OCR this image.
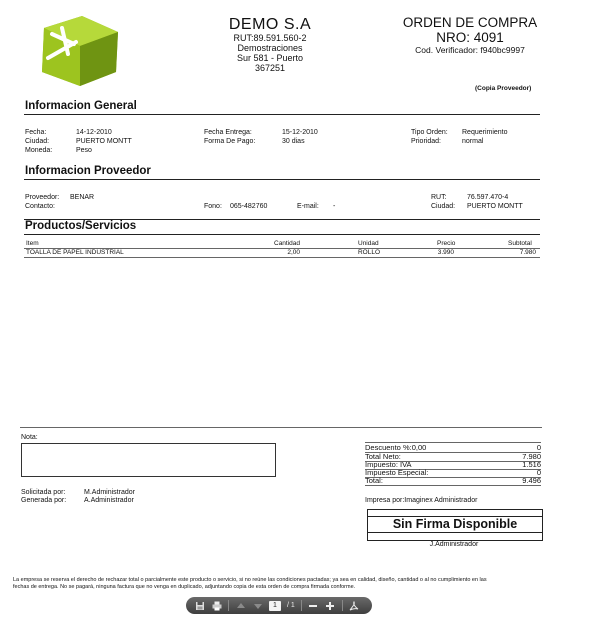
DEMO S.A
RUT:89.591.560-2
Demostraciones
Sur 581 - Puerto
367251
ORDEN DE COMPRA
NRO: 4091
Cod. Verificador: f940bc9997
(Copia Proveedor)
Informacion General
Fecha:	14-12-2010
Ciudad:	PUERTO MONTT
Moneda:	Peso
Fecha Entrega:	15-12-2010
Forma De Pago:	30 dias
Tipo Orden: Requerimiento
Prioridad:	normal
Informacion Proveedor
Proveedor: BENAR
Contacto:	Fono: 065-482760	E-mail: -
RUT:	76.597.470-4
Ciudad: PUERTO MONTT
Productos/Servicios
Item	Cantidad	Unidad	Precio	Subtotal
TOALLA DE PAPEL INDUSTRIAL	2,00	ROLLO	3.990	7.980
Nota:
Solicitada por:	M.Administrador
Generada por:	A.Administrador
Descuento %:0,00	0
Total Neto:	7.980
Impuesto: IVA	1.516
Impuesto Especial:	0
Total:	9.496
Impresa por:Imaginex Administrador
Sin Firma Disponible
J.Administrador
La empresa se reserva el derecho de rechazar total o parcialmente este producto o servicio, si no reúne las condiciones pactadas; ya sea en calidad, diseño, cantidad o al no cumplimiento en las
fechas de entrega. No se pagará, ninguna factura que no venga en duplicado, adjuntando copia de esta orden de compra firmada conforme.
1	/ 1
